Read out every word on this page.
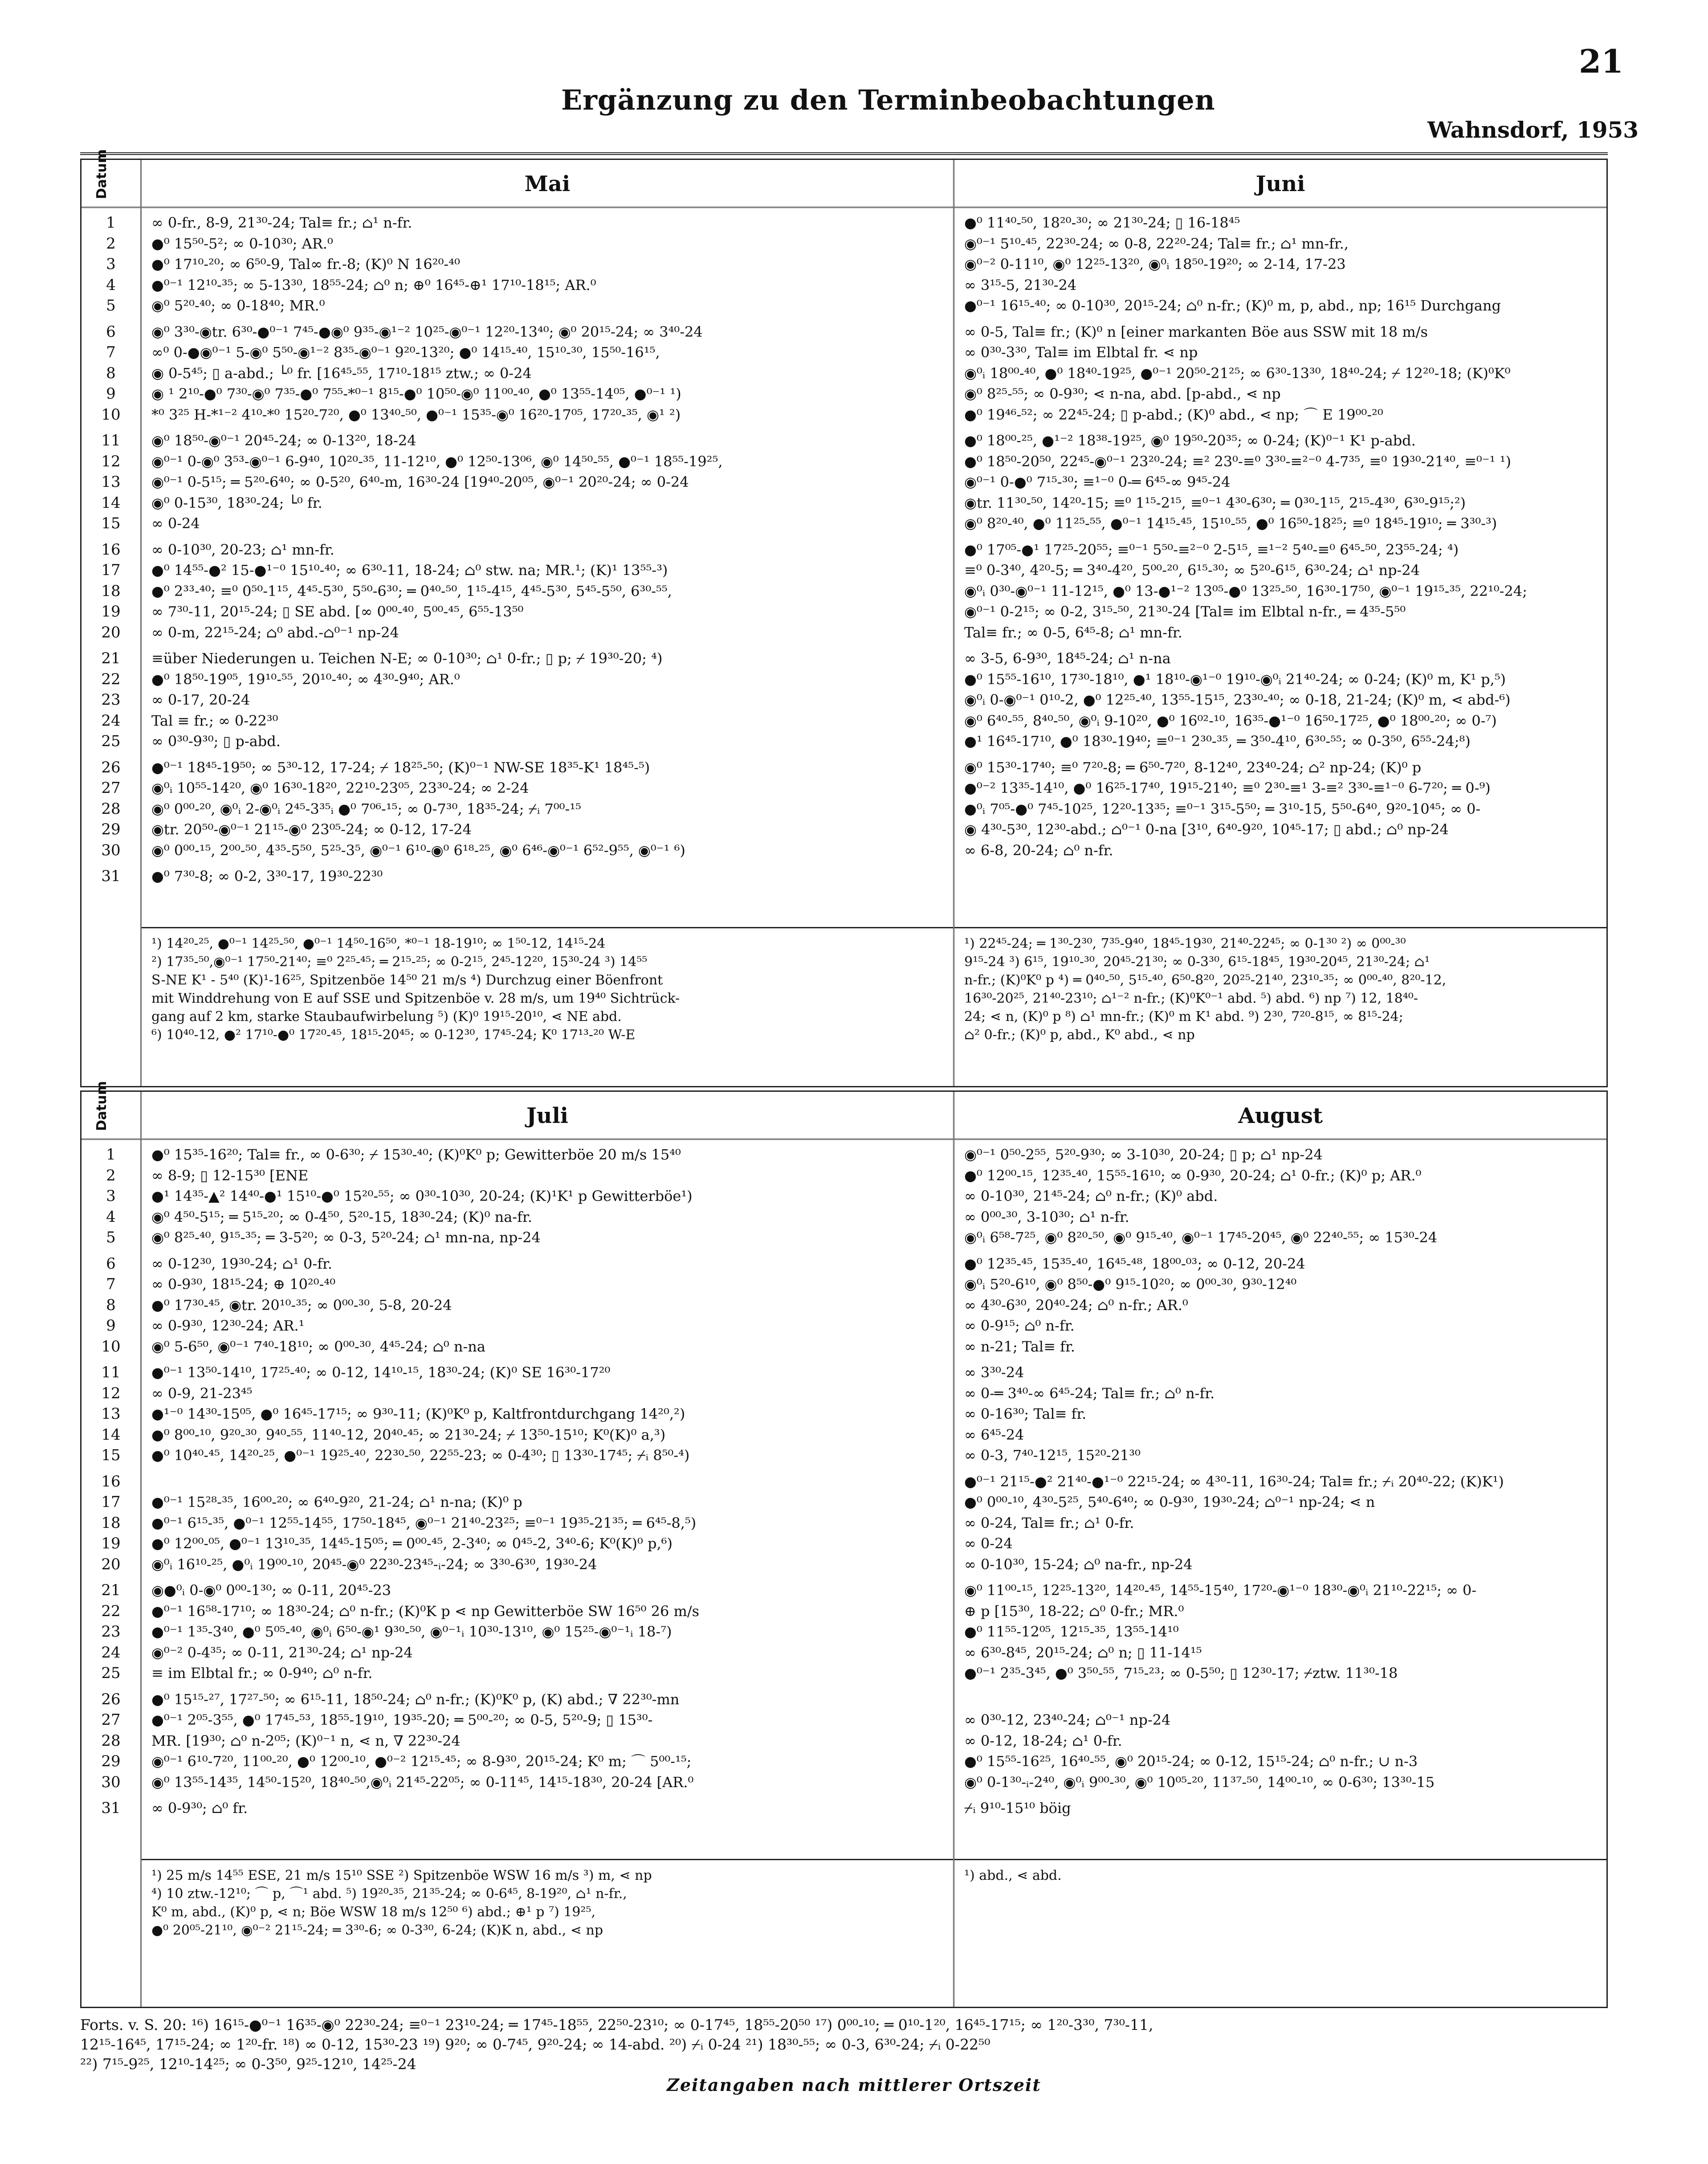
21
Ergänzung zu den Terminbeobachtungen
Wahnsdorf, 1953
Datum
1
2
3
4
5
6
7
8
9
10
11
12
13
14
15
16
17
18
19
20
21
22
23
24
25
26
27
28
29
30
31
Mai
∞ 0-fr., 8-9, 21³⁰-24; Tal≡ fr.; ⌂¹ n-fr.
●⁰ 15⁵⁰-5²; ∞ 0-10³⁰; AR.⁰
●⁰ 17¹⁰-²⁰; ∞ 6⁵⁰-9, Tal∞ fr.-8; (K)⁰ N 16²⁰-⁴⁰
●⁰⁻¹ 12¹⁰-³⁵; ∞ 5-13³⁰, 18⁵⁵-24; ⌂⁰ n; ⊕⁰ 16⁴⁵-⊕¹ 17¹⁰-18¹⁵; AR.⁰
◉⁰ 5²⁰-⁴⁰; ∞ 0-18⁴⁰; MR.⁰
◉⁰ 3³⁰-◉tr. 6³⁰-●⁰⁻¹ 7⁴⁵-●◉⁰ 9³⁵-◉¹⁻² 10²⁵-◉⁰⁻¹ 12²⁰-13⁴⁰; ◉⁰ 20¹⁵-24; ∞ 3⁴⁰-24
∞⁰ 0-●◉⁰⁻¹ 5-◉⁰ 5⁵⁰-◉¹⁻² 8³⁵-◉⁰⁻¹ 9²⁰-13²⁰; ●⁰ 14¹⁵-⁴⁰, 15¹⁰-³⁰, 15⁵⁰-16¹⁵,
◉ 0-5⁴⁵; ▯ a-abd.; └⁰ fr. [16⁴⁵-⁵⁵, 17¹⁰-18¹⁵ ztw.; ∞ 0-24
◉ ¹ 2¹⁰-●⁰ 7³⁰-◉⁰ 7³⁵-●⁰ 7⁵⁵-*⁰⁻¹ 8¹⁵-●⁰ 10⁵⁰-◉⁰ 11⁰⁰-⁴⁰, ●⁰ 13⁵⁵-14⁰⁵, ●⁰⁻¹ ¹)
*⁰ 3²⁵ H-*¹⁻² 4¹⁰-*⁰ 15²⁰-7²⁰, ●⁰ 13⁴⁰-⁵⁰, ●⁰⁻¹ 15³⁵-◉⁰ 16²⁰-17⁰⁵, 17²⁰-³⁵, ◉¹ ²)
◉⁰ 18⁵⁰-◉⁰⁻¹ 20⁴⁵-24; ∞ 0-13²⁰, 18-24
◉⁰⁻¹ 0-◉⁰ 3⁵³-◉⁰⁻¹ 6-9⁴⁰, 10²⁰-³⁵, 11-12¹⁰, ●⁰ 12⁵⁰-13⁰⁶, ◉⁰ 14⁵⁰-⁵⁵, ●⁰⁻¹ 18⁵⁵-19²⁵,
◉⁰⁻¹ 0-5¹⁵; ═ 5²⁰-6⁴⁰; ∞ 0-5²⁰, 6⁴⁰-m, 16³⁰-24 [19⁴⁰-20⁰⁵, ◉⁰⁻¹ 20²⁰-24; ∞ 0-24
◉⁰ 0-15³⁰, 18³⁰-24; └⁰ fr.
∞ 0-24
∞ 0-10³⁰, 20-23; ⌂¹ mn-fr.
●⁰ 14⁵⁵-●² 15-●¹⁻⁰ 15¹⁰-⁴⁰; ∞ 6³⁰-11, 18-24; ⌂⁰ stw. na; MR.¹; (K)¹ 13⁵⁵-³)
●⁰ 2³³-⁴⁰; ≡⁰ 0⁵⁰-1¹⁵, 4⁴⁵-5³⁰, 5⁵⁰-6³⁰; ═ 0⁴⁰-⁵⁰, 1¹⁵-4¹⁵, 4⁴⁵-5³⁰, 5⁴⁵-5⁵⁰, 6³⁰-⁵⁵,
∞ 7³⁰-11, 20¹⁵-24; ▯ SE abd. [∞ 0⁰⁰-⁴⁰, 5⁰⁰-⁴⁵, 6⁵⁵-13⁵⁰
∞ 0-m, 22¹⁵-24; ⌂⁰ abd.-⌂⁰⁻¹ np-24
≡über Niederungen u. Teichen N-E; ∞ 0-10³⁰; ⌂¹ 0-fr.; ▯ p; ⌿ 19³⁰-20; ⁴)
●⁰ 18⁵⁰-19⁰⁵, 19¹⁰-⁵⁵, 20¹⁰-⁴⁰; ∞ 4³⁰-9⁴⁰; AR.⁰
∞ 0-17, 20-24
Tal ≡ fr.; ∞ 0-22³⁰
∞ 0³⁰-9³⁰; ▯ p-abd.
●⁰⁻¹ 18⁴⁵-19⁵⁰; ∞ 5³⁰-12, 17-24; ⌿ 18²⁵-⁵⁰; (K)⁰⁻¹ NW-SE 18³⁵-K¹ 18⁴⁵-⁵)
◉⁰ᵢ 10⁵⁵-14²⁰, ◉⁰ 16³⁰-18²⁰, 22¹⁰-23⁰⁵, 23³⁰-24; ∞ 2-24
◉⁰ 0⁰⁰-²⁰, ◉⁰ᵢ 2-◉⁰ᵢ 2⁴⁵-3³⁵ᵢ ●⁰ 7⁰⁶-¹⁵; ∞ 0-7³⁰, 18³⁵-24; ⌿ᵢ 7⁰⁰-¹⁵
◉tr. 20⁵⁰-◉⁰⁻¹ 21¹⁵-◉⁰ 23⁰⁵-24; ∞ 0-12, 17-24
◉⁰ 0⁰⁰-¹⁵, 2⁰⁰-⁵⁰, 4³⁵-5⁵⁰, 5²⁵-3⁵, ◉⁰⁻¹ 6¹⁰-◉⁰ 6¹⁸-²⁵, ◉⁰ 6⁴⁶-◉⁰⁻¹ 6⁵²-9⁵⁵, ◉⁰⁻¹ ⁶)
●⁰ 7³⁰-8; ∞ 0-2, 3³⁰-17, 19³⁰-22³⁰
¹) 14²⁰-²⁵, ●⁰⁻¹ 14²⁵-⁵⁰, ●⁰⁻¹ 14⁵⁰-16⁵⁰, *⁰⁻¹ 18-19¹⁰; ∞ 1⁵⁰-12, 14¹⁵-24
²) 17³⁵-⁵⁰,◉⁰⁻¹ 17⁵⁰-21⁴⁰; ≡⁰ 2²⁵-⁴⁵; ═ 2¹⁵-²⁵; ∞ 0-2¹⁵, 2⁴⁵-12²⁰, 15³⁰-24 ³) 14⁵⁵
S-NE K¹ - 5⁴⁰ (K)¹-16²⁵, Spitzenböe 14⁵⁰ 21 m/s ⁴) Durchzug einer Böenfront
mit Winddrehung von E auf SSE und Spitzenböe v. 28 m/s, um 19⁴⁰ Sichtrück-
gang auf 2 km, starke Staubaufwirbelung ⁵) (K)⁰ 19¹⁵-20¹⁰, ⋖ NE abd.
⁶) 10⁴⁰-12, ●² 17¹⁰-●⁰ 17²⁰-⁴⁵, 18¹⁵-20⁴⁵; ∞ 0-12³⁰, 17⁴⁵-24; K⁰ 17¹³-²⁰ W-E
Juni
●⁰ 11⁴⁰-⁵⁰, 18²⁰-³⁰; ∞ 21³⁰-24; ▯ 16-18⁴⁵
◉⁰⁻¹ 5¹⁰-⁴⁵, 22³⁰-24; ∞ 0-8, 22²⁰-24; Tal≡ fr.; ⌂¹ mn-fr.,
◉⁰⁻² 0-11¹⁰, ◉⁰ 12²⁵-13²⁰, ◉⁰ᵢ 18⁵⁰-19²⁰; ∞ 2-14, 17-23
∞ 3¹⁵-5, 21³⁰-24
●⁰⁻¹ 16¹⁵-⁴⁰; ∞ 0-10³⁰, 20¹⁵-24; ⌂⁰ n-fr.; (K)⁰ m, p, abd., np; 16¹⁵ Durchgang
∞ 0-5, Tal≡ fr.; (K)⁰ n [einer markanten Böe aus SSW mit 18 m/s
∞ 0³⁰-3³⁰, Tal≡ im Elbtal fr. ⋖ np
◉⁰ᵢ 18⁰⁰-⁴⁰, ●⁰ 18⁴⁰-19²⁵, ●⁰⁻¹ 20⁵⁰-21²⁵; ∞ 6³⁰-13³⁰, 18⁴⁰-24; ⌿ 12²⁰-18; (K)⁰K⁰
◉⁰ 8²⁵-⁵⁵; ∞ 0-9³⁰; ⋖ n-na, abd. [p-abd., ⋖ np
●⁰ 19⁴⁶-⁵²; ∞ 22⁴⁵-24; ▯ p-abd.; (K)⁰ abd., ⋖ np; ⌒ E 19⁰⁰-²⁰
●⁰ 18⁰⁰-²⁵, ●¹⁻² 18³⁸-19²⁵, ◉⁰ 19⁵⁰-20³⁵; ∞ 0-24; (K)⁰⁻¹ K¹ p-abd.
●⁰ 18⁵⁰-20⁵⁰, 22⁴⁵-◉⁰⁻¹ 23²⁰-24; ≡² 23⁰-≡⁰ 3³⁰-≡²⁻⁰ 4-7³⁵, ≡⁰ 19³⁰-21⁴⁰, ≡⁰⁻¹ ¹)
◉⁰⁻¹ 0-●⁰ 7¹⁵-³⁰; ≡¹⁻⁰ 0-═ 6⁴⁵-∞ 9⁴⁵-24
◉tr. 11³⁰-⁵⁰, 14²⁰-15; ≡⁰ 1¹⁵-2¹⁵, ≡⁰⁻¹ 4³⁰-6³⁰; ═ 0³⁰-1¹⁵, 2¹⁵-4³⁰, 6³⁰-9¹⁵;²)
◉⁰ 8²⁰-⁴⁰, ●⁰ 11²⁵-⁵⁵, ●⁰⁻¹ 14¹⁵-⁴⁵, 15¹⁰-⁵⁵, ●⁰ 16⁵⁰-18²⁵; ≡⁰ 18⁴⁵-19¹⁰; ═ 3³⁰-³)
●⁰ 17⁰⁵-●¹ 17²⁵-20⁵⁵; ≡⁰⁻¹ 5⁵⁰-≡²⁻⁰ 2-5¹⁵, ≡¹⁻² 5⁴⁰-≡⁰ 6⁴⁵-⁵⁰, 23⁵⁵-24; ⁴)
≡⁰ 0-3⁴⁰, 4²⁰-5; ═ 3⁴⁰-4²⁰, 5⁰⁰-²⁰, 6¹⁵-³⁰; ∞ 5²⁰-6¹⁵, 6³⁰-24; ⌂¹ np-24
◉⁰ᵢ 0³⁰-◉⁰⁻¹ 11-12¹⁵, ●⁰ 13-●¹⁻² 13⁰⁵-●⁰ 13²⁵-⁵⁰, 16³⁰-17⁵⁰, ◉⁰⁻¹ 19¹⁵-³⁵, 22¹⁰-24;
◉⁰⁻¹ 0-2¹⁵; ∞ 0-2, 3¹⁵-⁵⁰, 21³⁰-24 [Tal≡ im Elbtal n-fr., ═ 4³⁵-5⁵⁰
Tal≡ fr.; ∞ 0-5, 6⁴⁵-8; ⌂¹ mn-fr.
∞ 3-5, 6-9³⁰, 18⁴⁵-24; ⌂¹ n-na
●⁰ 15⁵⁵-16¹⁰, 17³⁰-18¹⁰, ●¹ 18¹⁰-◉¹⁻⁰ 19¹⁰-◉⁰ᵢ 21⁴⁰-24; ∞ 0-24; (K)⁰ m, K¹ p,⁵)
◉⁰ᵢ 0-◉⁰⁻¹ 0¹⁰-2, ●⁰ 12²⁵-⁴⁰, 13⁵⁵-15¹⁵, 23³⁰-⁴⁰; ∞ 0-18, 21-24; (K)⁰ m, ⋖ abd-⁶)
◉⁰ 6⁴⁰-⁵⁵, 8⁴⁰-⁵⁰, ◉⁰ᵢ 9-10²⁰, ●⁰ 16⁰²-¹⁰, 16³⁵-●¹⁻⁰ 16⁵⁰-17²⁵, ●⁰ 18⁰⁰-²⁰; ∞ 0-⁷)
●¹ 16⁴⁵-17¹⁰, ●⁰ 18³⁰-19⁴⁰; ≡⁰⁻¹ 2³⁰-³⁵, ═ 3⁵⁰-4¹⁰, 6³⁰-⁵⁵; ∞ 0-3⁵⁰, 6⁵⁵-24;⁸)
◉⁰ 15³⁰-17⁴⁰; ≡⁰ 7²⁰-8; ═ 6⁵⁰-7²⁰, 8-12⁴⁰, 23⁴⁰-24; ⌂² np-24; (K)⁰ p
●⁰⁻² 13³⁵-14¹⁰, ●⁰ 16²⁵-17⁴⁰, 19¹⁵-21⁴⁰; ≡⁰ 2³⁰-≡¹ 3-≡² 3³⁰-≡¹⁻⁰ 6-7²⁰; ═ 0-⁹)
●⁰ᵢ 7⁰⁵-●⁰ 7⁴⁵-10²⁵, 12²⁰-13³⁵; ≡⁰⁻¹ 3¹⁵-5⁵⁰; ═ 3¹⁰-15, 5⁵⁰-6⁴⁰, 9²⁰-10⁴⁵; ∞ 0-
◉ 4³⁰-5³⁰, 12³⁰-abd.; ⌂⁰⁻¹ 0-na [3¹⁰, 6⁴⁰-9²⁰, 10⁴⁵-17; ▯ abd.; ⌂⁰ np-24
∞ 6-8, 20-24; ⌂⁰ n-fr.
¹) 22⁴⁵-24; ═ 1³⁰-2³⁰, 7³⁵-9⁴⁰, 18⁴⁵-19³⁰, 21⁴⁰-22⁴⁵; ∞ 0-1³⁰ ²) ∞ 0⁰⁰-³⁰
9¹⁵-24 ³) 6¹⁵, 19¹⁰-³⁰, 20⁴⁵-21³⁰; ∞ 0-3³⁰, 6¹⁵-18⁴⁵, 19³⁰-20⁴⁵, 21³⁰-24; ⌂¹
n-fr.; (K)⁰K⁰ p ⁴) ═ 0⁴⁰-⁵⁰, 5¹⁵-⁴⁰, 6⁵⁰-8²⁰, 20²⁵-21⁴⁰, 23¹⁰-³⁵; ∞ 0⁰⁰-⁴⁰, 8²⁰-12,
16³⁰-20²⁵, 21⁴⁰-23¹⁰; ⌂¹⁻² n-fr.; (K)⁰K⁰⁻¹ abd. ⁵) abd. ⁶) np ⁷) 12, 18⁴⁰-
24; ⋖ n, (K)⁰ p ⁸) ⌂¹ mn-fr.; (K)⁰ m K¹ abd. ⁹) 2³⁰, 7²⁰-8¹⁵, ∞ 8¹⁵-24;
⌂² 0-fr.; (K)⁰ p, abd., K⁰ abd., ⋖ np
Datum
1
2
3
4
5
6
7
8
9
10
11
12
13
14
15
16
17
18
19
20
21
22
23
24
25
26
27
28
29
30
31
Juli
●⁰ 15³⁵-16²⁰; Tal≡ fr., ∞ 0-6³⁰; ⌿ 15³⁰-⁴⁰; (K)⁰K⁰ p; Gewitterböe 20 m/s 15⁴⁰
∞ 8-9; ▯ 12-15³⁰ [ENE
●¹ 14³⁵-▲² 14⁴⁰-●¹ 15¹⁰-●⁰ 15²⁰-⁵⁵; ∞ 0³⁰-10³⁰, 20-24; (K)¹K¹ p Gewitterböe¹)
◉⁰ 4⁵⁰-5¹⁵; ═ 5¹⁵-²⁰; ∞ 0-4⁵⁰, 5²⁰-15, 18³⁰-24; (K)⁰ na-fr.
◉⁰ 8²⁵-⁴⁰, 9¹⁵-³⁵; ═ 3-5²⁰; ∞ 0-3, 5²⁰-24; ⌂¹ mn-na, np-24
∞ 0-12³⁰, 19³⁰-24; ⌂¹ 0-fr.
∞ 0-9³⁰, 18¹⁵-24; ⊕ 10²⁰-⁴⁰
●⁰ 17³⁰-⁴⁵, ◉tr. 20¹⁰-³⁵; ∞ 0⁰⁰-³⁰, 5-8, 20-24
∞ 0-9³⁰, 12³⁰-24; AR.¹
◉⁰ 5-6⁵⁰, ◉⁰⁻¹ 7⁴⁰-18¹⁰; ∞ 0⁰⁰-³⁰, 4⁴⁵-24; ⌂⁰ n-na
●⁰⁻¹ 13⁵⁰-14¹⁰, 17²⁵-⁴⁰; ∞ 0-12, 14¹⁰-¹⁵, 18³⁰-24; (K)⁰ SE 16³⁰-17²⁰
∞ 0-9, 21-23⁴⁵
●¹⁻⁰ 14³⁰-15⁰⁵, ●⁰ 16⁴⁵-17¹⁵; ∞ 9³⁰-11; (K)⁰K⁰ p, Kaltfrontdurchgang 14²⁰,²)
●⁰ 8⁰⁰-¹⁰, 9²⁰-³⁰, 9⁴⁰-⁵⁵, 11⁴⁰-12, 20⁴⁰-⁴⁵; ∞ 21³⁰-24; ⌿ 13⁵⁰-15¹⁰; K⁰(K)⁰ a,³)
●⁰ 10⁴⁰-⁴⁵, 14²⁰-²⁵, ●⁰⁻¹ 19²⁵-⁴⁰, 22³⁰-⁵⁰, 22⁵⁵-23; ∞ 0-4³⁰; ▯ 13³⁰-17⁴⁵; ⌿ᵢ 8⁵⁰-⁴)
●⁰⁻¹ 15²⁸-³⁵, 16⁰⁰-²⁰; ∞ 6⁴⁰-9²⁰, 21-24; ⌂¹ n-na; (K)⁰ p
●⁰⁻¹ 6¹⁵-³⁵, ●⁰⁻¹ 12⁵⁵-14⁵⁵, 17⁵⁰-18⁴⁵, ◉⁰⁻¹ 21⁴⁰-23²⁵; ≡⁰⁻¹ 19³⁵-21³⁵; ═ 6⁴⁵-8,⁵)
●⁰ 12⁰⁰-⁰⁵, ●⁰⁻¹ 13¹⁰-³⁵, 14⁴⁵-15⁰⁵; ═ 0⁰⁰-⁴⁵, 2-3⁴⁰; ∞ 0⁴⁵-2, 3⁴⁰-6; K⁰(K)⁰ p,⁶)
◉⁰ᵢ 16¹⁰-²⁵, ●⁰ᵢ 19⁰⁰-¹⁰, 20⁴⁵-◉⁰ 22³⁰-23⁴⁵-ᵢ-24; ∞ 3³⁰-6³⁰, 19³⁰-24
◉●⁰ᵢ 0-◉⁰ 0⁰⁰-1³⁰; ∞ 0-11, 20⁴⁵-23
●⁰⁻¹ 16⁵⁸-17¹⁰; ∞ 18³⁰-24; ⌂⁰ n-fr.; (K)⁰K p ⋖ np Gewitterböe SW 16⁵⁰ 26 m/s
●⁰⁻¹ 1³⁵-3⁴⁰, ●⁰ 5⁰⁵-⁴⁰, ◉⁰ᵢ 6⁵⁰-◉¹ 9³⁰-⁵⁰, ◉⁰⁻¹ᵢ 10³⁰-13¹⁰, ◉⁰ 15²⁵-◉⁰⁻¹ᵢ 18-⁷)
◉⁰⁻² 0-4³⁵; ∞ 0-11, 21³⁰-24; ⌂¹ np-24
≡ im Elbtal fr.; ∞ 0-9⁴⁰; ⌂⁰ n-fr.
●⁰ 15¹⁵-²⁷, 17²⁷-⁵⁰; ∞ 6¹⁵-11, 18⁵⁰-24; ⌂⁰ n-fr.; (K)⁰K⁰ p, (K) abd.; ∇ 22³⁰-mn
●⁰⁻¹ 2⁰⁵-3⁵⁵, ●⁰ 17⁴⁵-⁵³, 18⁵⁵-19¹⁰, 19³⁵-20; ═ 5⁰⁰-²⁰; ∞ 0-5, 5²⁰-9; ▯ 15³⁰-
MR. [19³⁰; ⌂⁰ n-2⁰⁵; (K)⁰⁻¹ n, ⋖ n, ∇ 22³⁰-24
◉⁰⁻¹ 6¹⁰-7²⁰, 11⁰⁰-²⁰, ●⁰ 12⁰⁰-¹⁰, ●⁰⁻² 12¹⁵-⁴⁵; ∞ 8-9³⁰, 20¹⁵-24; K⁰ m; ⌒ 5⁰⁰-¹⁵;
◉⁰ 13⁵⁵-14³⁵, 14⁵⁰-15²⁰, 18⁴⁰-⁵⁰,◉⁰ᵢ 21⁴⁵-22⁰⁵; ∞ 0-11⁴⁵, 14¹⁵-18³⁰, 20-24 [AR.⁰
∞ 0-9³⁰; ⌂⁰ fr.
¹) 25 m/s 14⁵⁵ ESE, 21 m/s 15¹⁰ SSE ²) Spitzenböe WSW 16 m/s ³) m, ⋖ np
⁴) 10 ztw.-12¹⁰; ⌒ p, ⌒¹ abd. ⁵) 19²⁰-³⁵, 21³⁵-24; ∞ 0-6⁴⁵, 8-19²⁰, ⌂¹ n-fr.,
K⁰ m, abd., (K)⁰ p, ⋖ n; Böe WSW 18 m/s 12⁵⁰ ⁶) abd.; ⊕¹ p ⁷) 19²⁵,
●⁰ 20⁰⁵-21¹⁰, ◉⁰⁻² 21¹⁵-24; ═ 3³⁰-6; ∞ 0-3³⁰, 6-24; (K)K n, abd., ⋖ np
August
◉⁰⁻¹ 0⁵⁰-2⁵⁵, 5²⁰-9³⁰; ∞ 3-10³⁰, 20-24; ▯ p; ⌂¹ np-24
●⁰ 12⁰⁰-¹⁵, 12³⁵-⁴⁰, 15⁵⁵-16¹⁰; ∞ 0-9³⁰, 20-24; ⌂¹ 0-fr.; (K)⁰ p; AR.⁰
∞ 0-10³⁰, 21⁴⁵-24; ⌂⁰ n-fr.; (K)⁰ abd.
∞ 0⁰⁰-³⁰, 3-10³⁰; ⌂¹ n-fr.
◉⁰ᵢ 6⁵⁸-7²⁵, ◉⁰ 8²⁰-⁵⁰, ◉⁰ 9¹⁵-⁴⁰, ◉⁰⁻¹ 17⁴⁵-20⁴⁵, ◉⁰ 22⁴⁰-⁵⁵; ∞ 15³⁰-24
●⁰ 12³⁵-⁴⁵, 15³⁵-⁴⁰, 16⁴⁵-⁴⁸, 18⁰⁰-⁰³; ∞ 0-12, 20-24
◉⁰ᵢ 5²⁰-6¹⁰, ◉⁰ 8⁵⁰-●⁰ 9¹⁵-10²⁰; ∞ 0⁰⁰-³⁰, 9³⁰-12⁴⁰
∞ 4³⁰-6³⁰, 20⁴⁰-24; ⌂⁰ n-fr.; AR.⁰
∞ 0-9¹⁵; ⌂⁰ n-fr.
∞ n-21; Tal≡ fr.
∞ 3³⁰-24
∞ 0-═ 3⁴⁰-∞ 6⁴⁵-24; Tal≡ fr.; ⌂⁰ n-fr.
∞ 0-16³⁰; Tal≡ fr.
∞ 6⁴⁵-24
∞ 0-3, 7⁴⁰-12¹⁵, 15²⁰-21³⁰
●⁰⁻¹ 21¹⁵-●² 21⁴⁰-●¹⁻⁰ 22¹⁵-24; ∞ 4³⁰-11, 16³⁰-24; Tal≡ fr.; ⌿ᵢ 20⁴⁰-22; (K)K¹)
●⁰ 0⁰⁰-¹⁰, 4³⁰-5²⁵, 5⁴⁰-6⁴⁰; ∞ 0-9³⁰, 19³⁰-24; ⌂⁰⁻¹ np-24; ⋖ n
∞ 0-24, Tal≡ fr.; ⌂¹ 0-fr.
∞ 0-24
∞ 0-10³⁰, 15-24; ⌂⁰ na-fr., np-24
◉⁰ 11⁰⁰-¹⁵, 12²⁵-13²⁰, 14²⁰-⁴⁵, 14⁵⁵-15⁴⁰, 17²⁰-◉¹⁻⁰ 18³⁰-◉⁰ᵢ 21¹⁰-22¹⁵; ∞ 0-
⊕ p [15³⁰, 18-22; ⌂⁰ 0-fr.; MR.⁰
●⁰ 11⁵⁵-12⁰⁵, 12¹⁵-³⁵, 13⁵⁵-14¹⁰
∞ 6³⁰-8⁴⁵, 20¹⁵-24; ⌂⁰ n; ▯ 11-14¹⁵
●⁰⁻¹ 2³⁵-3⁴⁵, ●⁰ 3⁵⁰-⁵⁵, 7¹⁵-²³; ∞ 0-5⁵⁰; ▯ 12³⁰-17; ⌿ztw. 11³⁰-18
∞ 0³⁰-12, 23⁴⁰-24; ⌂⁰⁻¹ np-24
∞ 0-12, 18-24; ⌂¹ 0-fr.
●⁰ 15⁵⁵-16²⁵, 16⁴⁰-⁵⁵, ◉⁰ 20¹⁵-24; ∞ 0-12, 15¹⁵-24; ⌂⁰ n-fr.; ∪ n-3
◉⁰ 0-1³⁰-ᵢ-2⁴⁰, ◉⁰ᵢ 9⁰⁰-³⁰, ◉⁰ 10⁰⁵-²⁰, 11³⁷-⁵⁰, 14⁰⁰-¹⁰, ∞ 0-6³⁰; 13³⁰-15
⌿ᵢ 9¹⁰-15¹⁰ böig
¹) abd., ⋖ abd.
Forts. v. S. 20: ¹⁶) 16¹⁵-●⁰⁻¹ 16³⁵-◉⁰ 22³⁰-24; ≡⁰⁻¹ 23¹⁰-24; ═ 17⁴⁵-18⁵⁵, 22⁵⁰-23¹⁰; ∞ 0-17⁴⁵, 18⁵⁵-20⁵⁰ ¹⁷) 0⁰⁰-¹⁰; ═ 0¹⁰-1²⁰, 16⁴⁵-17¹⁵; ∞ 1²⁰-3³⁰, 7³⁰-11,
12¹⁵-16⁴⁵, 17¹⁵-24; ∞ 1²⁰-fr. ¹⁸) ∞ 0-12, 15³⁰-23 ¹⁹) 9²⁰; ∞ 0-7⁴⁵, 9²⁰-24; ∞ 14-abd. ²⁰) ⌿ᵢ 0-24 ²¹) 18³⁰-⁵⁵; ∞ 0-3, 6³⁰-24; ⌿ᵢ 0-22⁵⁰
²²) 7¹⁵-9²⁵, 12¹⁰-14²⁵; ∞ 0-3⁵⁰, 9²⁵-12¹⁰, 14²⁵-24
Zeitangaben nach mittlerer Ortszeit
